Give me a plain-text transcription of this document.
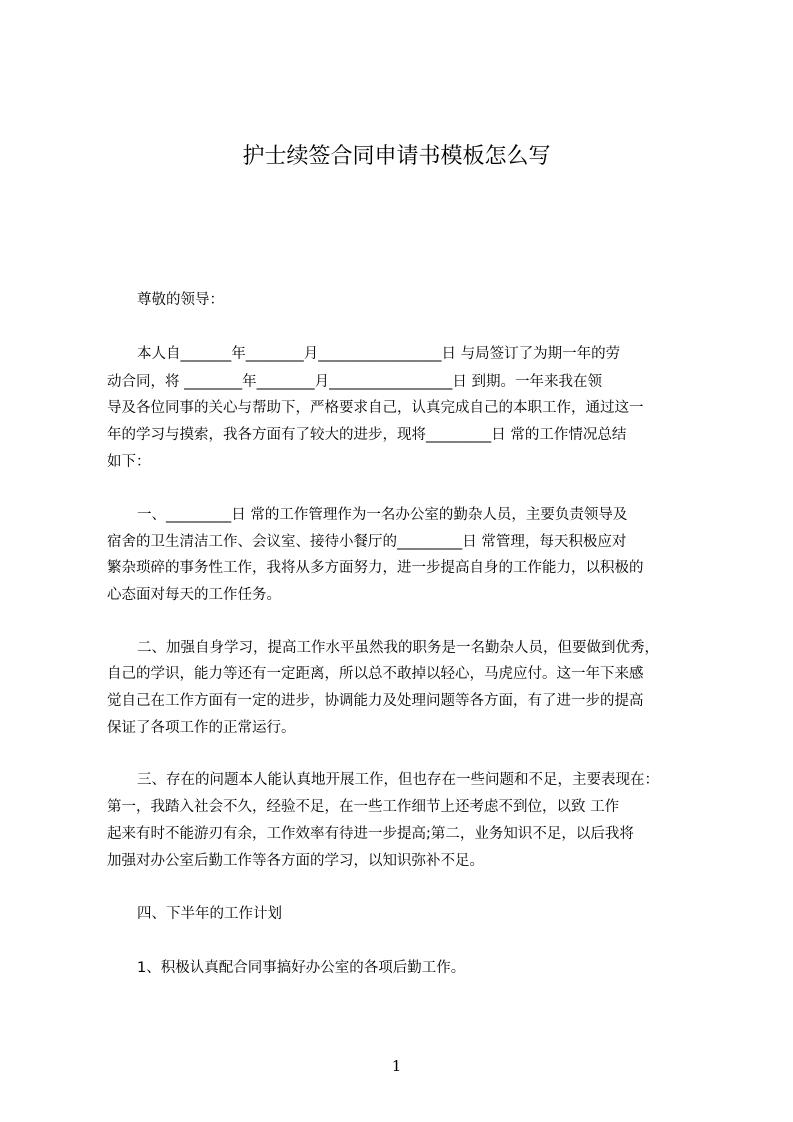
护士续签合同申请书模板怎么写

尊敬的领导：

本人自_______年________月_________________日 与局签订了为期一年的劳

动合同，将 ________年________月_________________日 到期。一年来我在领

导及各位同事的关心与帮助下，严格要求自己，认真完成自己的本职工作，通过这一

年的学习与摸索，我各方面有了较大的进步，现将_________日 常的工作情况总结

如下：

一、_________日 常的工作管理作为一名办公室的勤杂人员，主要负责领导及

宿舍的卫生清洁工作、会议室、接待小餐厅的_________日 常管理，每天积极应对

繁杂琐碎的事务性工作，我将从多方面努力，进一步提高自身的工作能力，以积极的

心态面对每天的工作任务。

二、加强自身学习，提高工作水平虽然我的职务是一名勤杂人员，但要做到优秀，

自己的学识，能力等还有一定距离，所以总不敢掉以轻心，马虎应付。这一年下来感

觉自己在工作方面有一定的进步，协调能力及处理问题等各方面，有了进一步的提高

保证了各项工作的正常运行。

三、存在的问题本人能认真地开展工作，但也存在一些问题和不足，主要表现在：

第一，我踏入社会不久，经验不足，在一些工作细节上还考虑不到位，以致 工作

起来有时不能游刃有余，工作效率有待进一步提高;第二，业务知识不足，以后我将

加强对办公室后勤工作等各方面的学习，以知识弥补不足。

四、下半年的工作计划

1、积极认真配合同事搞好办公室的各项后勤工作。

1
